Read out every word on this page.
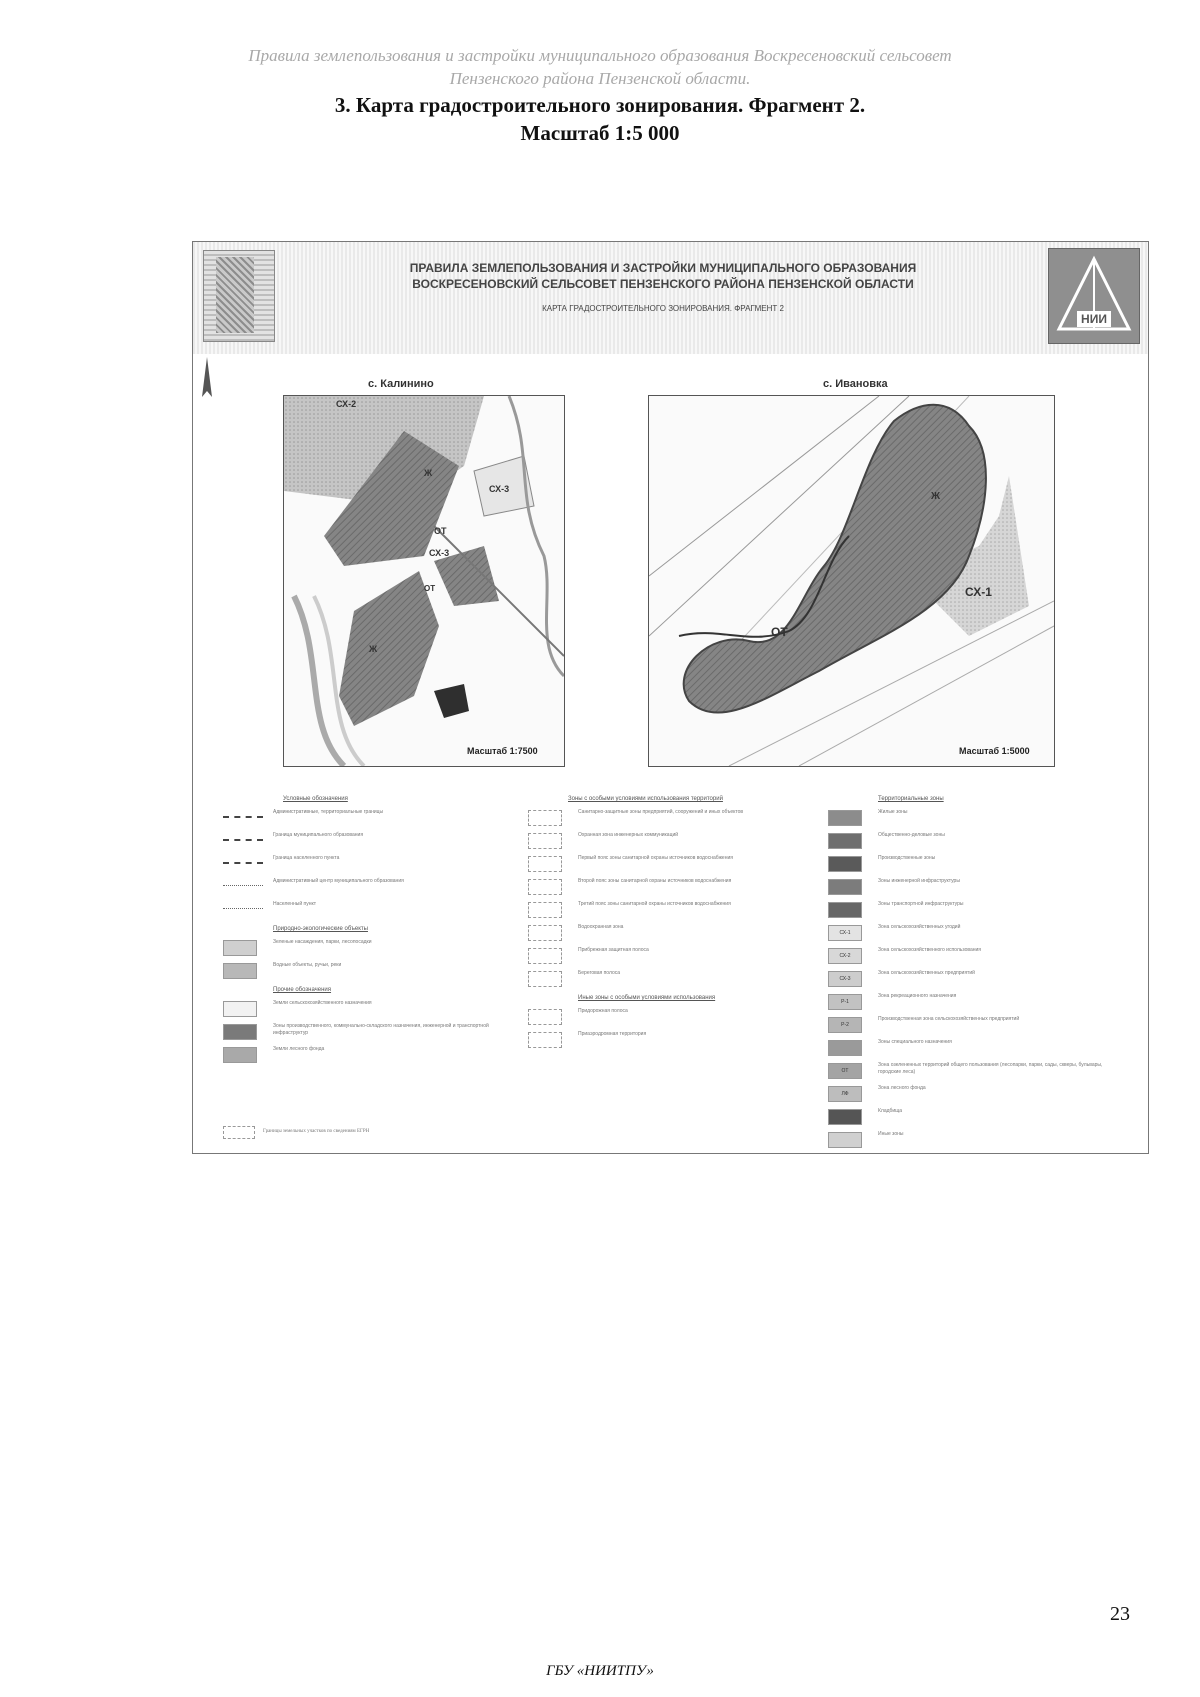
Правила землепользования и застройки муниципального образования Воскресеновский сельсовет
Пензенского района Пензенской области.
3. Карта градостроительного зонирования. Фрагмент 2.
Масштаб 1:5 000
ПРАВИЛА ЗЕМЛЕПОЛЬЗОВАНИЯ И ЗАСТРОЙКИ МУНИЦИПАЛЬНОГО ОБРАЗОВАНИЯ
ВОСКРЕСЕНОВСКИЙ СЕЛЬСОВЕТ ПЕНЗЕНСКОГО РАЙОНА ПЕНЗЕНСКОЙ ОБЛАСТИ
КАРТА ГРАДОСТРОИТЕЛЬНОГО ЗОНИРОВАНИЯ. ФРАГМЕНТ 2
НИИ
с. Калинино	с. Ивановка
СХ-2
Ж
СХ-3
ОТ
СХ-3
ОТ
Ж
Масштаб 1:7500
Ж
СХ-1
ОТ
Масштаб 1:5000
Условные обозначения
Административные, территориальные границы
Граница муниципального образования
Граница населенного пункта
Административный центр муниципального образования
Населенный пункт
Природно-экологические объекты
Зеленые насаждения, парки, лесопосадки
Водные объекты, ручьи, реки
Прочие обозначения
Земли сельскохозяйственного назначения
Зоны производственного, коммунально-складского назначения, инженерной и транспортной инфраструктур
Земли лесного фонда
Зоны с особыми условиями использования территорий
Санитарно-защитные зоны предприятий, сооружений и иных объектов
Охранная зона инженерных коммуникаций
Первый пояс зоны санитарной охраны источников водоснабжения
Второй пояс зоны санитарной охраны источников водоснабжения
Третий пояс зоны санитарной охраны источников водоснабжения
Водоохранная зона
Прибрежная защитная полоса
Береговая полоса
Иные зоны с особыми условиями использования
Придорожная полоса
Приаэродромная территория
Территориальные зоны
Жилые зоны
Общественно-деловые зоны
Производственные зоны
Зоны инженерной инфраструктуры
Зоны транспортной инфраструктуры
СХ-1
Зона сельскохозяйственных угодий
СХ-2
Зона сельскохозяйственного использования
СХ-3
Зона сельскохозяйственных предприятий
Р-1
Зона рекреационного назначения
Р-2
Производственная зона сельскохозяйственных предприятий
Зоны специального назначения
ОТ
Зона озелененных территорий общего пользования (лесопарки, парки, сады, скверы, бульвары, городские леса)
ЛФ
Зона лесного фонда
Кладбища
Иные зоны
Границы земельных участков по сведениям ЕГРН
23
ГБУ «НИИТПУ»
